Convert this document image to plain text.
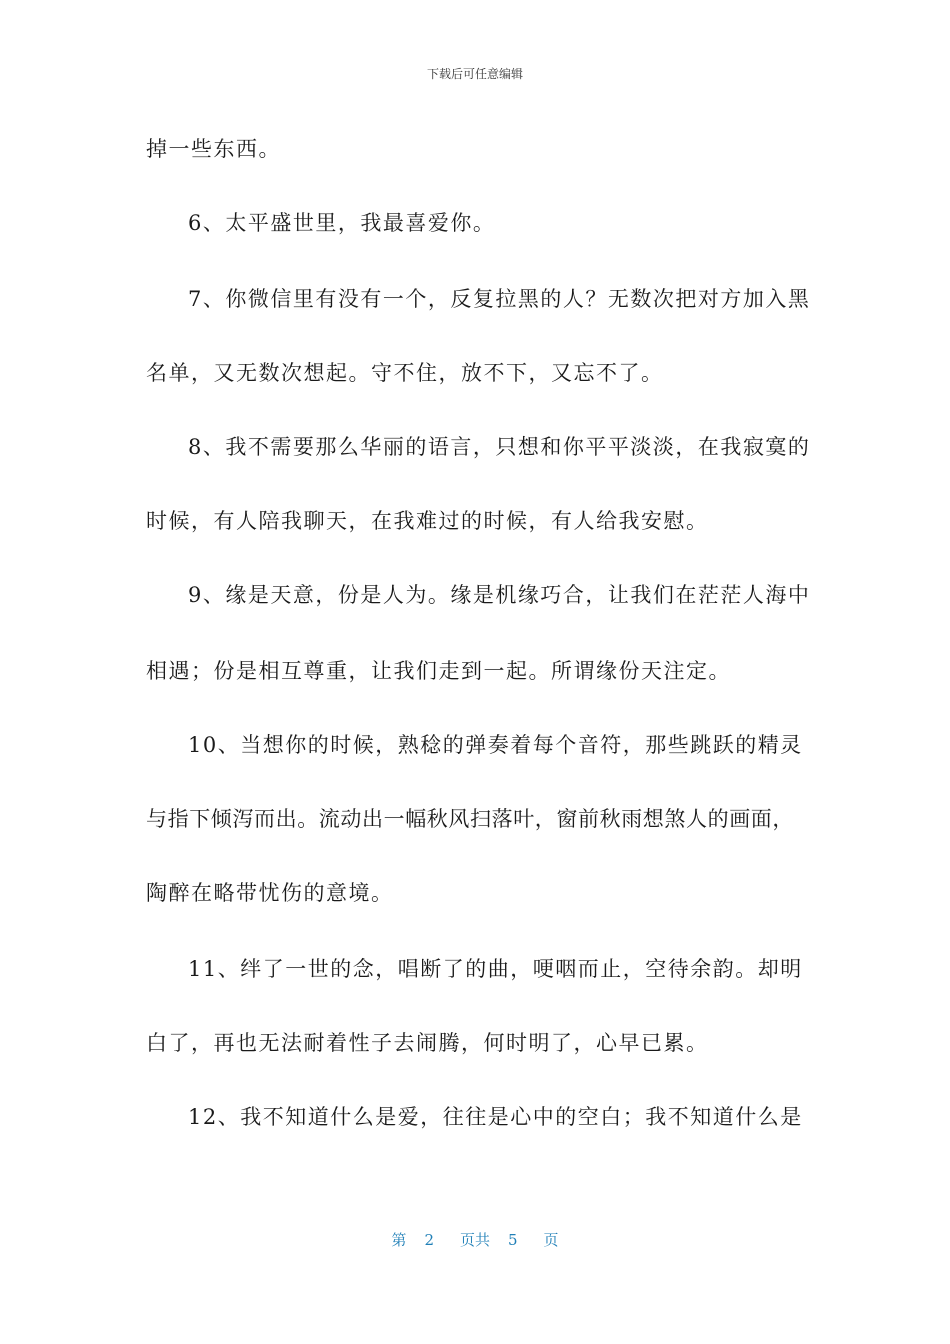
下载后可任意编辑
掉一些东西。
6、太平盛世里，我最喜爱你。
7、你微信里有没有一个，反复拉黑的人？无数次把对方加入黑
名单，又无数次想起。守不住，放不下，又忘不了。
8、我不需要那么华丽的语言，只想和你平平淡淡，在我寂寞的
时候，有人陪我聊天，在我难过的时候，有人给我安慰。
9、缘是天意，份是人为。缘是机缘巧合，让我们在茫茫人海中
相遇；份是相互尊重，让我们走到一起。所谓缘份天注定。
10、当想你的时候，熟稔的弹奏着每个音符，那些跳跃的精灵
与指下倾泻而出。流动出一幅秋风扫落叶，窗前秋雨想煞人的画面，
陶醉在略带忧伤的意境。
11、绊了一世的念，唱断了的曲，哽咽而止，空待余韵。却明
白了，再也无法耐着性子去闹腾，何时明了，心早已累。
12、我不知道什么是爱，往往是心中的空白；我不知道什么是
第 2 页共 5 页
